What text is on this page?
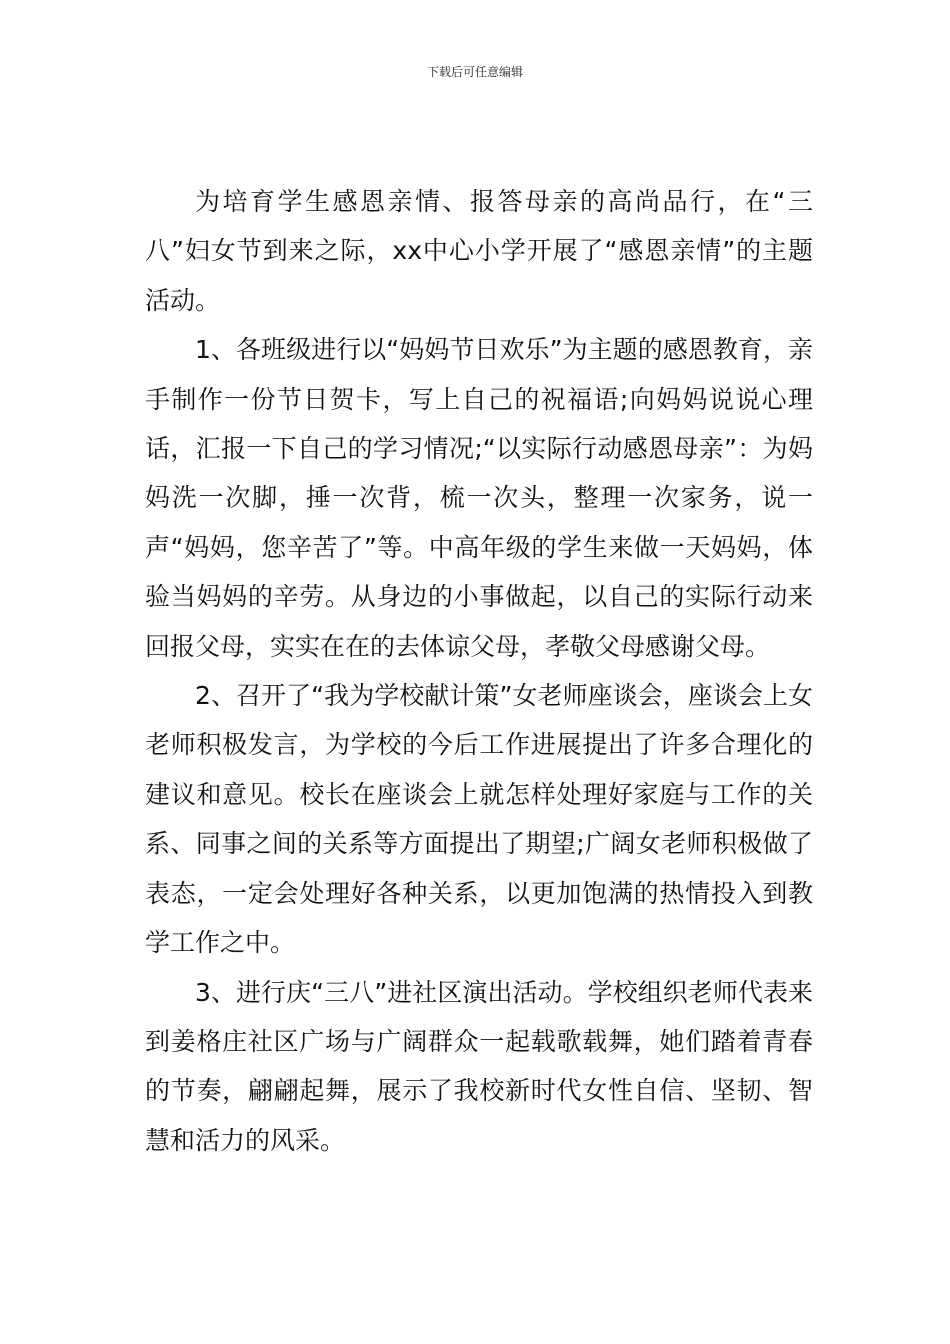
下载后可任意编辑

为培育学生感恩亲情、报答母亲的高尚品行，在“三八”妇女节到来之际，xx中心小学开展了“感恩亲情”的主题活动。

1、各班级进行以“妈妈节日欢乐”为主题的感恩教育，亲手制作一份节日贺卡，写上自己的祝福语;向妈妈说说心理话，汇报一下自己的学习情况;“以实际行动感恩母亲”：为妈妈洗一次脚，捶一次背，梳一次头，整理一次家务，说一声“妈妈，您辛苦了”等。中高年级的学生来做一天妈妈，体验当妈妈的辛劳。从身边的小事做起，以自己的实际行动来回报父母，实实在在的去体谅父母，孝敬父母感谢父母。

2、召开了“我为学校献计策”女老师座谈会，座谈会上女老师积极发言，为学校的今后工作进展提出了许多合理化的建议和意见。校长在座谈会上就怎样处理好家庭与工作的关系、同事之间的关系等方面提出了期望;广阔女老师积极做了表态，一定会处理好各种关系，以更加饱满的热情投入到教学工作之中。

3、进行庆“三八”进社区演出活动。学校组织老师代表来到姜格庄社区广场与广阔群众一起载歌载舞，她们踏着青春的节奏，翩翩起舞，展示了我校新时代女性自信、坚韧、智慧和活力的风采。
